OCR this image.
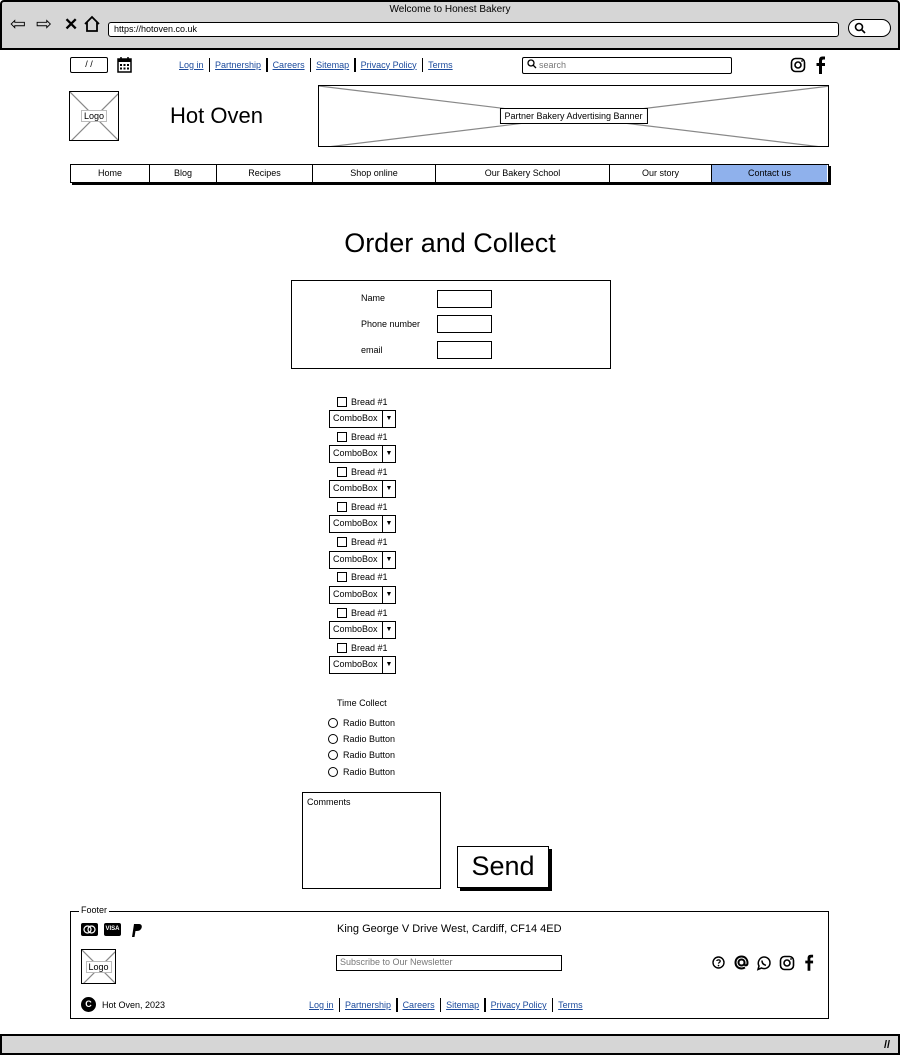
Welcome to Honest Bakery
⇦ ⇨ ✕	https://hotoven.co.uk
/ /	Log in	Partnership	Careers	Sitemap	Privacy Policy	Terms	search
Logo	Hot Oven	Partner Bakery Advertising Banner
Home	Blog	Recipes	Shop online	Our Bakery School	Our story	Contact us
Order and Collect
Name
Phone number
email
Bread #1
ComboBox	▼
Bread #1
ComboBox	▼
Bread #1
ComboBox	▼
Bread #1
ComboBox	▼
Bread #1
ComboBox	▼
Bread #1
ComboBox	▼
Bread #1
ComboBox	▼
Bread #1
ComboBox	▼
Time Collect
Radio Button
Radio Button
Radio Button
Radio Button
Comments
Send
Footer
VISA	King George V Drive West, Cardiff, CF14 4ED
Logo	Subscribe to Our Newsletter
C	Hot Oven, 2023	Log in	Partnership	Careers	Sitemap	Privacy Policy	Terms
//
